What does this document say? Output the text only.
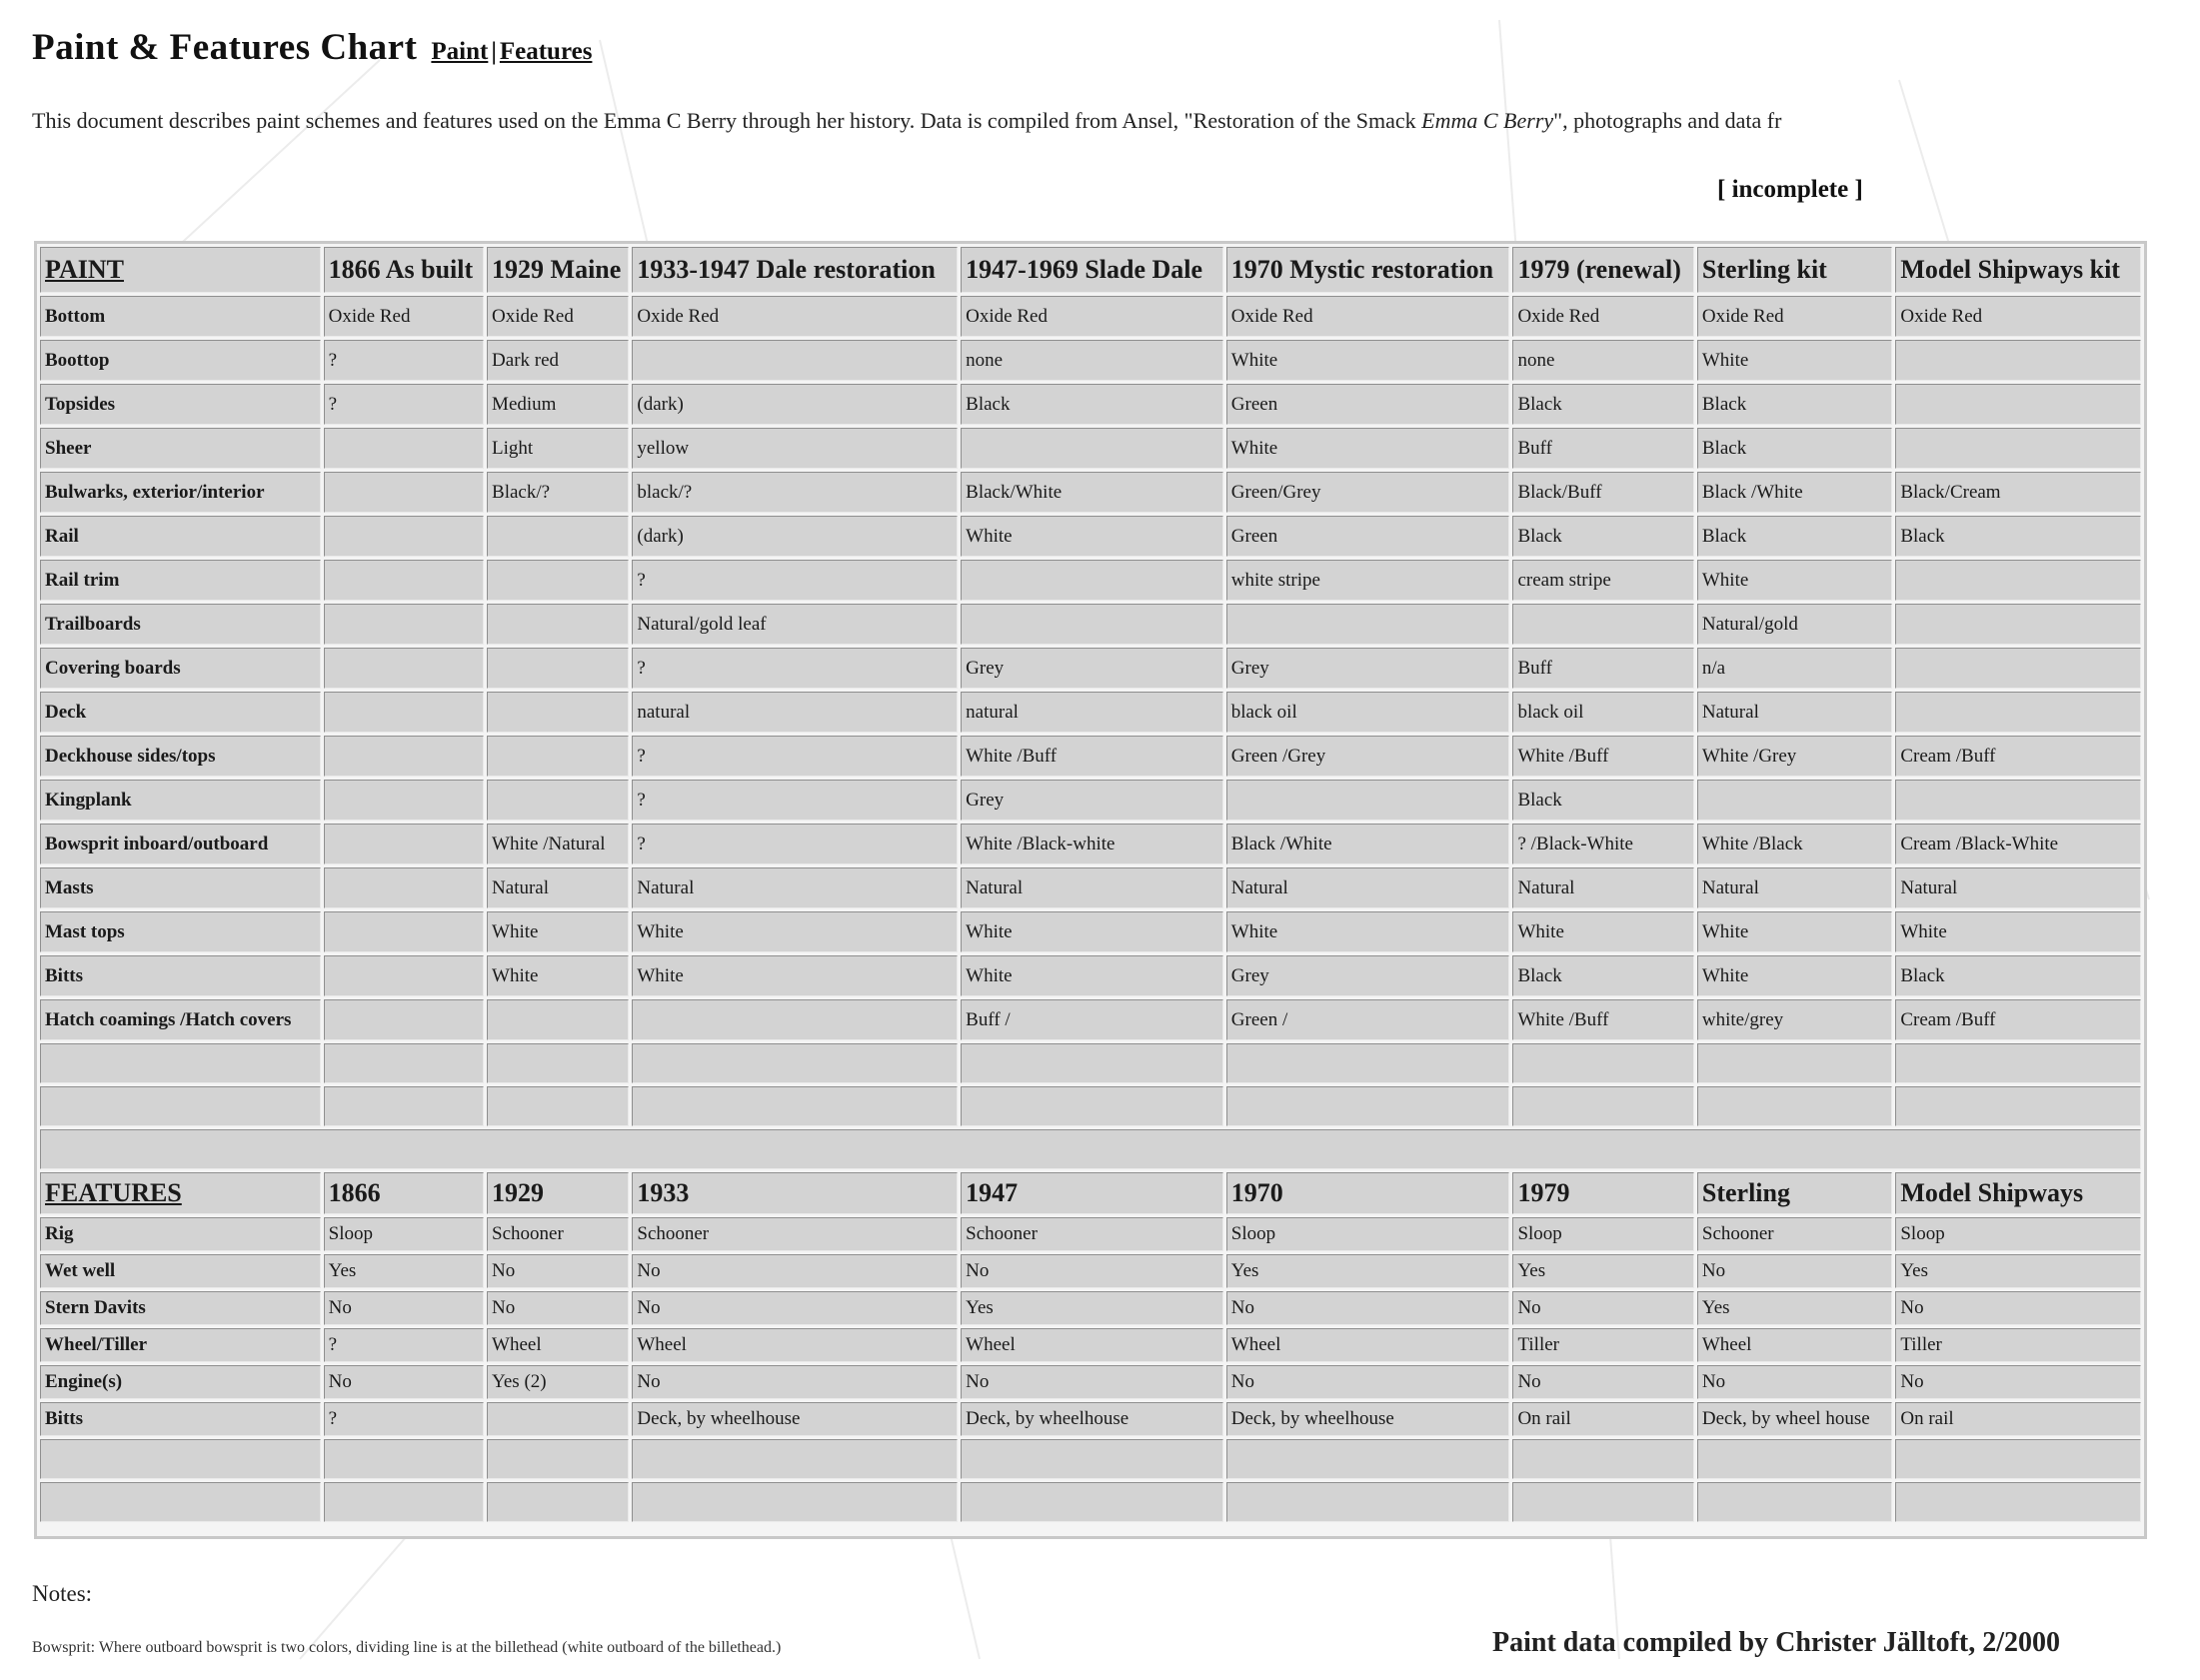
Paint & Features Chart Paint | Features
This document describes paint schemes and features used on the Emma C Berry through her history. Data is compiled from Ansel, "Restoration of the Smack Emma C Berry", photographs and data fr
[ incomplete ]
PAINT	1866 As built	1929 Maine	1933-1947 Dale restoration	1947-1969 Slade Dale	1970 Mystic restoration	1979 (renewal)	Sterling kit	Model Shipways kit
Bottom	Oxide Red	Oxide Red	Oxide Red	Oxide Red	Oxide Red	Oxide Red	Oxide Red	Oxide Red
Boottop	?	Dark red		none	White	none	White	
Topsides	?	Medium	(dark)	Black	Green	Black	Black	
Sheer		Light	yellow		White	Buff	Black	
Bulwarks, exterior/interior		Black/?	black/?	Black/White	Green/Grey	Black/Buff	Black /White	Black/Cream
Rail			(dark)	White	Green	Black	Black	Black
Rail trim			?		white stripe	cream stripe	White	
Trailboards			Natural/gold leaf				Natural/gold	
Covering boards			?	Grey	Grey	Buff	n/a	
Deck			natural	natural	black oil	black oil	Natural	
Deckhouse sides/tops			?	White /Buff	Green /Grey	White /Buff	White /Grey	Cream /Buff
Kingplank			?	Grey		Black		
Bowsprit inboard/outboard		White /Natural	?	White /Black-white	Black /White	? /Black-White	White /Black	Cream /Black-White
Masts		Natural	Natural	Natural	Natural	Natural	Natural	Natural
Mast tops		White	White	White	White	White	White	White
Bitts		White	White	White	Grey	Black	White	Black
Hatch coamings /Hatch covers				Buff /	Green /	White /Buff	white/grey	Cream /Buff

FEATURES	1866	1929	1933	1947	1970	1979	Sterling	Model Shipways
Rig	Sloop	Schooner	Schooner	Schooner	Sloop	Sloop	Schooner	Sloop
Wet well	Yes	No	No	No	Yes	Yes	No	Yes
Stern Davits	No	No	No	Yes	No	No	Yes	No
Wheel/Tiller	?	Wheel	Wheel	Wheel	Wheel	Tiller	Wheel	Tiller
Engine(s)	No	Yes (2)	No	No	No	No	No	No
Bitts	?		Deck, by wheelhouse	Deck, by wheelhouse	Deck, by wheelhouse	On rail	Deck, by wheel house	On rail

Notes:
Bowsprit: Where outboard bowsprit is two colors, dividing line is at the billethead (white outboard of the billethead.)	Paint data compiled by Christer Jälltoft, 2/2000
